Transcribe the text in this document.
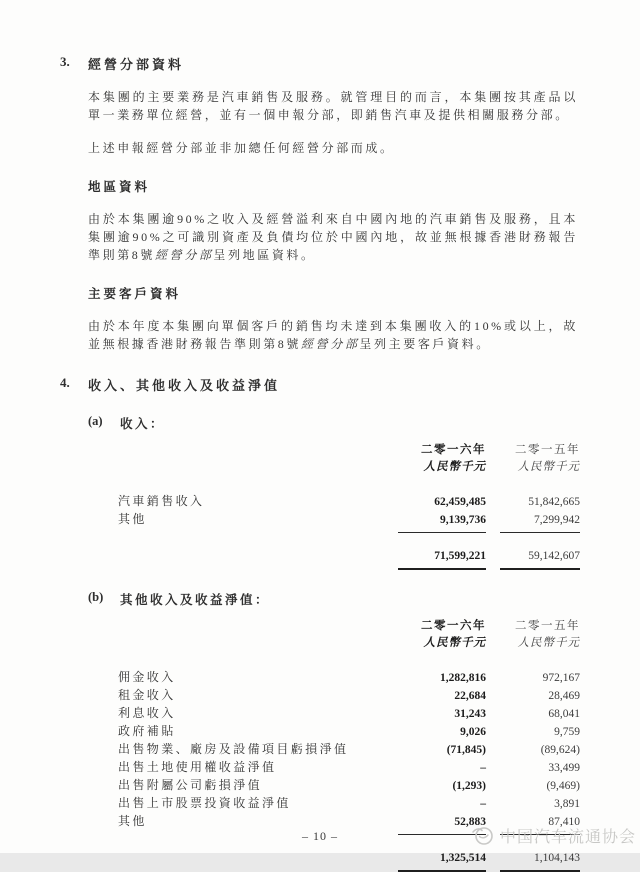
3.	經營分部資料

本集團的主要業務是汽車銷售及服務。就管理目的而言，本集團按其產品以單一業務單位經營，並有一個申報分部，即銷售汽車及提供相關服務分部。

上述申報經營分部並非加總任何經營分部而成。

地區資料

由於本集團逾90%之收入及經營溢利來自中國內地的汽車銷售及服務，且本集團逾90%之可識別資產及負債均位於中國內地，故並無根據香港財務報告準則第8號經營分部呈列地區資料。

主要客戶資料

由於本年度本集團向單個客戶的銷售均未達到本集團收入的10%或以上，故並無根據香港財務報告準則第8號經營分部呈列主要客戶資料。

4.	收入、其他收入及收益淨值
(a)	收入：
二零一六年	二零一五年
人民幣千元	人民幣千元
汽車銷售收入	62,459,485	51,842,665
其他	9,139,736	7,299,942
71,599,221	59,142,607
(b)	其他收入及收益淨值：
二零一六年	二零一五年
人民幣千元	人民幣千元
佣金收入	1,282,816	972,167
租金收入	22,684	28,469
利息收入	31,243	68,041
政府補貼	9,026	9,759
出售物業、廠房及設備項目虧損淨值	(71,845)	(89,624)
出售土地使用權收益淨值	–	33,499
出售附屬公司虧損淨值	(1,293)	(9,469)
出售上市股票投資收益淨值	–	3,891
其他	52,883	87,410
1,325,514	1,104,143
– 10 –	中国汽车流通协会
